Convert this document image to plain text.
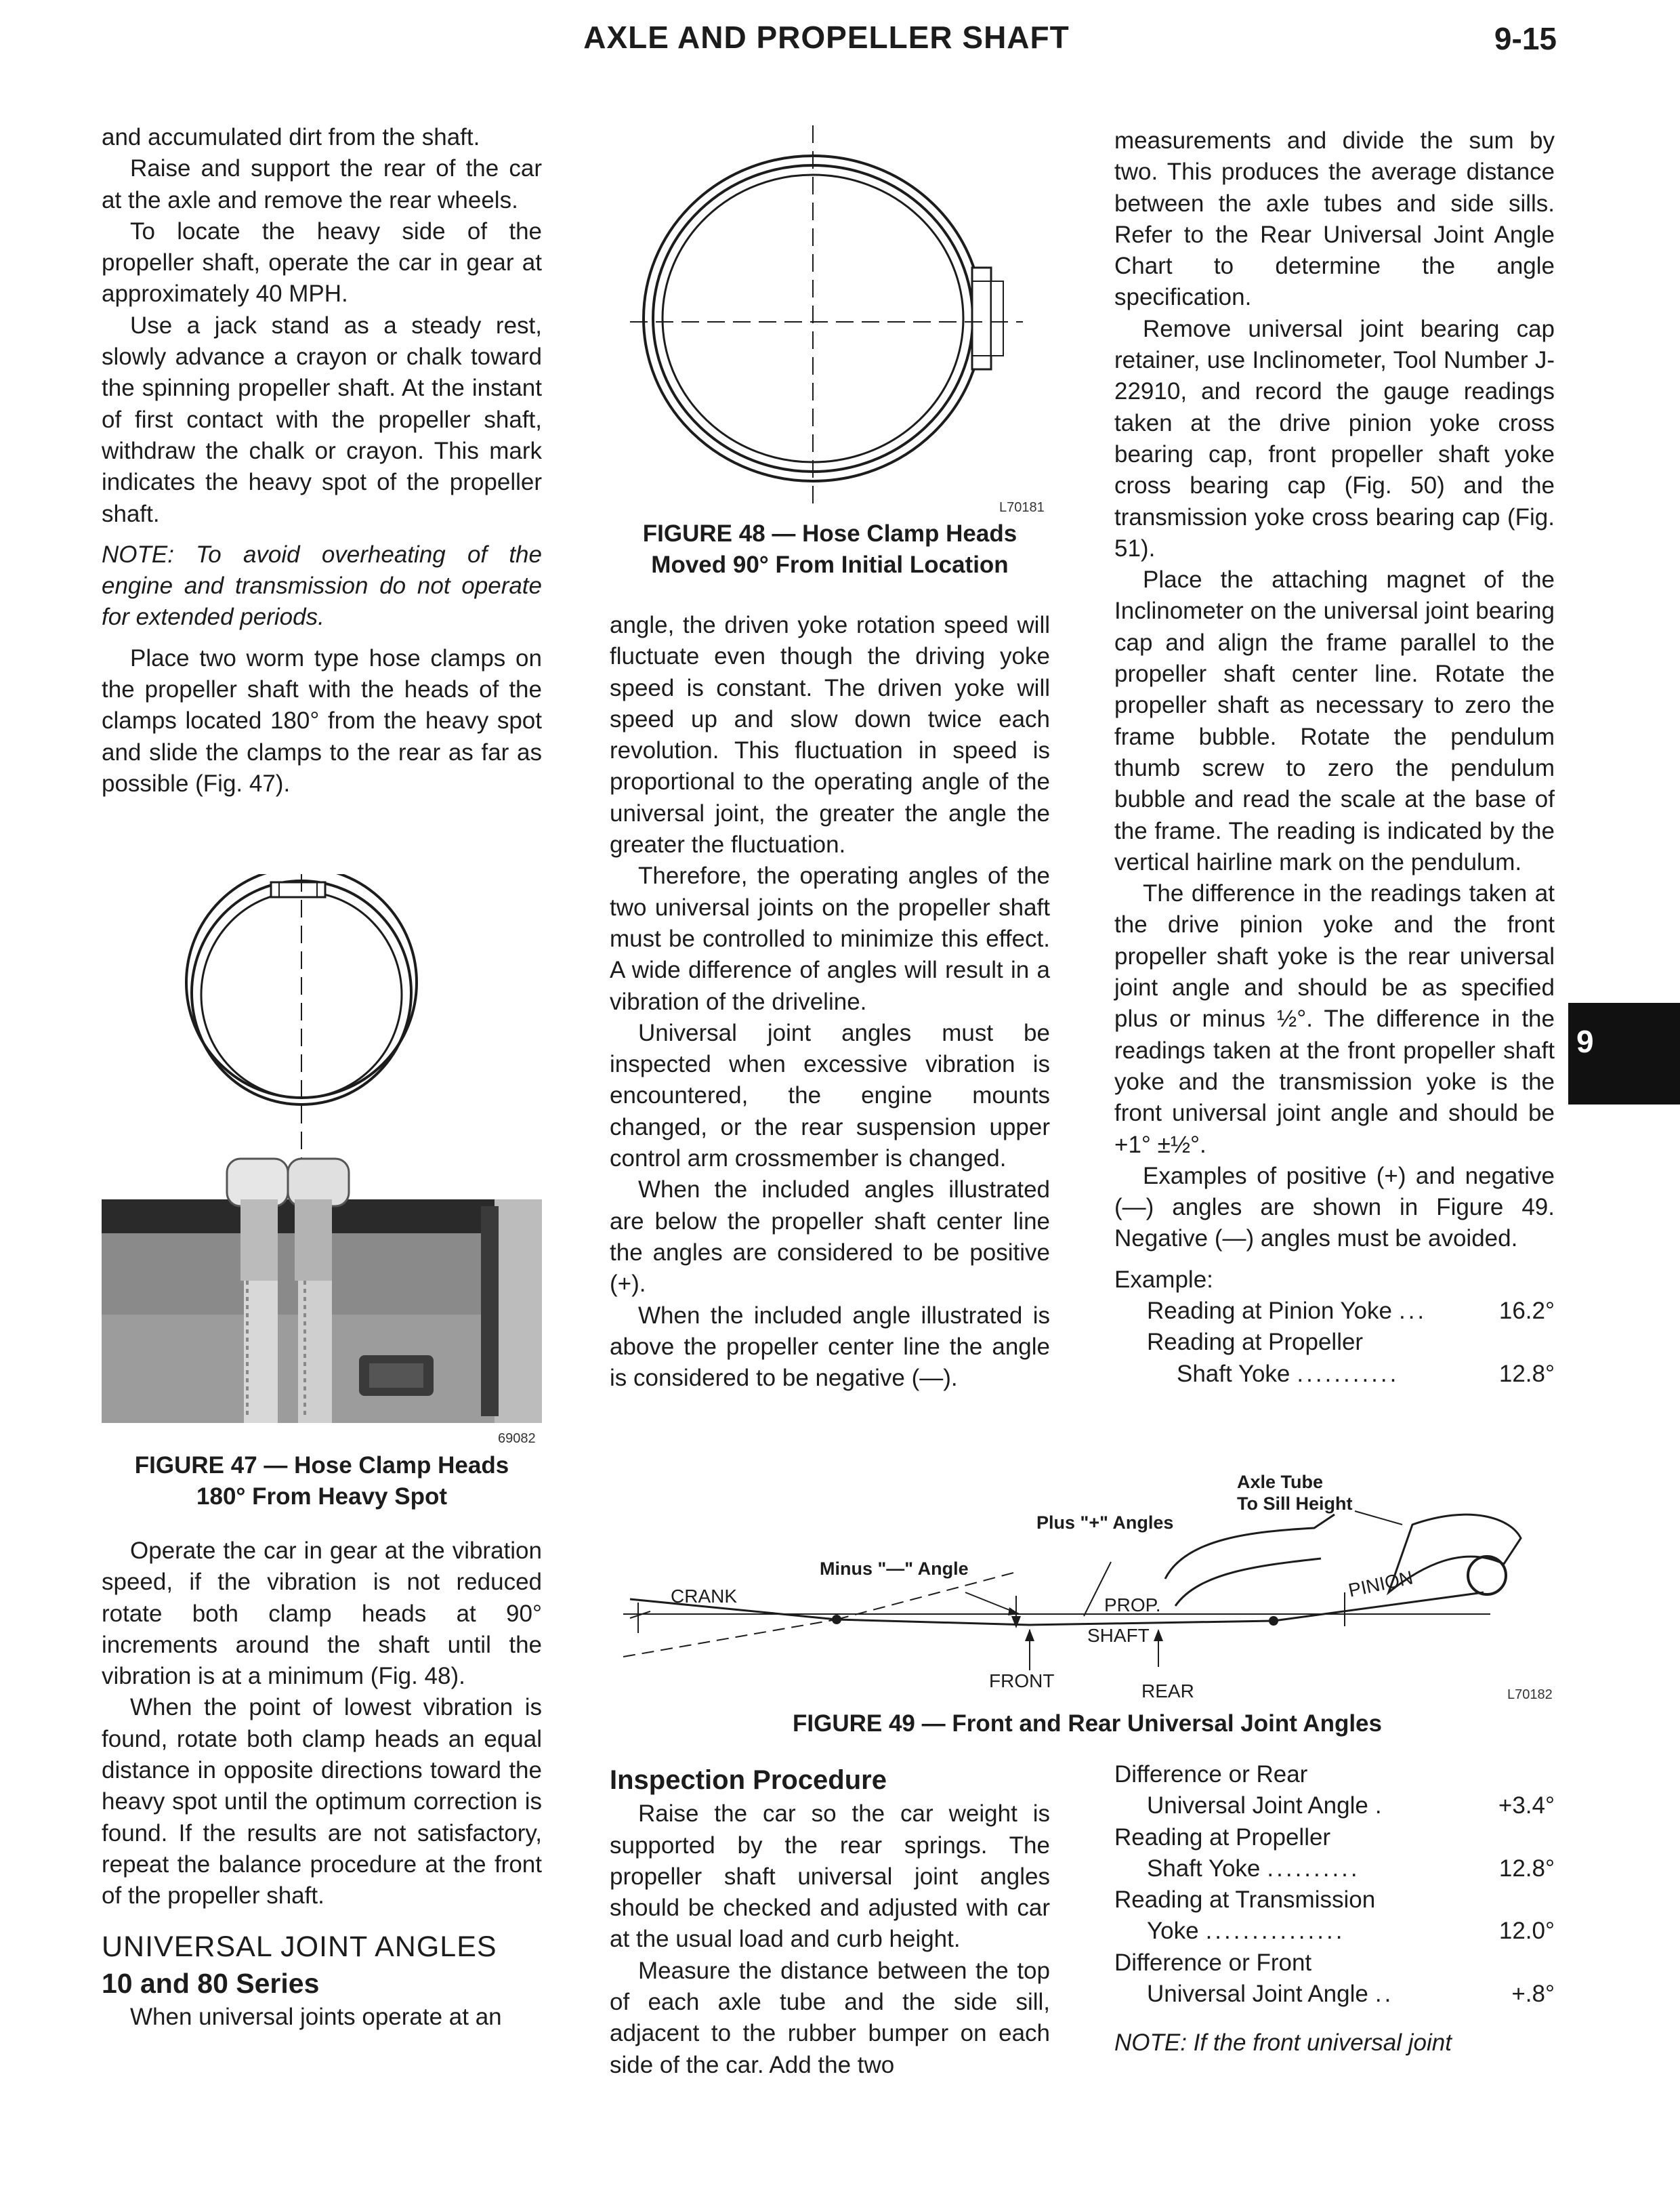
AXLE AND PROPELLER SHAFT	9-15
9

and accumulated dirt from the shaft.

Raise and support the rear of the car at the axle and remove the rear wheels.

To locate the heavy side of the propeller shaft, operate the car in gear at approximately 40 MPH.

Use a jack stand as a steady rest, slowly advance a crayon or chalk toward the spinning propeller shaft. At the instant of first contact with the propeller shaft, withdraw the chalk or crayon. This mark indicates the heavy spot of the propeller shaft.

NOTE: To avoid overheating of the engine and transmission do not operate for extended periods.

Place two worm type hose clamps on the propeller shaft with the heads of the clamps located 180° from the heavy spot and slide the clamps to the rear as far as possible (Fig. 47).

69082
FIGURE 47 — Hose Clamp Heads
180° From Heavy Spot

Operate the car in gear at the vibration speed, if the vibration is not reduced rotate both clamp heads at 90° increments around the shaft until the vibration is at a minimum (Fig. 48).

When the point of lowest vibration is found, rotate both clamp heads an equal distance in opposite directions toward the heavy spot until the optimum correction is found. If the results are not satisfactory, repeat the balance procedure at the front of the propeller shaft.

UNIVERSAL JOINT ANGLES
10 and 80 Series

When universal joints operate at an

L70181
FIGURE 48 — Hose Clamp Heads
Moved 90° From Initial Location

angle, the driven yoke rotation speed will fluctuate even though the driving yoke speed is constant. The driven yoke will speed up and slow down twice each revolution. This fluctuation in speed is proportional to the operating angle of the universal joint, the greater the angle the greater the fluctuation.

Therefore, the operating angles of the two universal joints on the propeller shaft must be controlled to minimize this effect. A wide difference of angles will result in a vibration of the driveline.

Universal joint angles must be inspected when excessive vibration is encountered, the engine mounts changed, or the rear suspension upper control arm crossmember is changed.

When the included angles illustrated are below the propeller shaft center line the angles are considered to be positive (+).

When the included angle illustrated is above the propeller center line the angle is considered to be negative (—).

measurements and divide the sum by two. This produces the average distance between the axle tubes and side sills. Refer to the Rear Universal Joint Angle Chart to determine the angle specification.

Remove universal joint bearing cap retainer, use Inclinometer, Tool Number J-22910, and record the gauge readings taken at the drive pinion yoke cross bearing cap, front propeller shaft yoke cross bearing cap (Fig. 50) and the transmission yoke cross bearing cap (Fig. 51).

Place the attaching magnet of the Inclinometer on the universal joint bearing cap and align the frame parallel to the propeller shaft center line. Rotate the propeller shaft as necessary to zero the frame bubble. Rotate the pendulum thumb screw to zero the pendulum bubble and read the scale at the base of the frame. The reading is indicated by the vertical hairline mark on the pendulum.

The difference in the readings taken at the drive pinion yoke and the front propeller shaft yoke is the rear universal joint angle and should be as specified plus or minus ½°. The difference in the readings taken at the front propeller shaft yoke and the transmission yoke is the front universal joint angle and should be +1° ±½°.

Examples of positive (+) and negative (—) angles are shown in Figure 49. Negative (—) angles must be avoided.

Example:
Reading at Pinion Yoke ...	16.2°
Reading at Propeller
Shaft Yoke ...........	12.8°
Axle Tube
To Sill Height
Plus "+" Angles
Minus "—" Angle
CRANK	PINION
PROP.
SHAFT
FRONT	REAR	L70182
FIGURE 49 — Front and Rear Universal Joint Angles
Inspection Procedure

Raise the car so the car weight is supported by the rear springs. The propeller shaft universal joint angles should be checked and adjusted with car at the usual load and curb height.

Measure the distance between the top of each axle tube and the side sill, adjacent to the rubber bumper on each side of the car. Add the two

Difference or Rear
Universal Joint Angle .	+3.4°
Reading at Propeller
Shaft Yoke ..........	12.8°
Reading at Transmission
Yoke ...............	12.0°
Difference or Front
Universal Joint Angle ..	+.8°

NOTE: If the front universal joint
